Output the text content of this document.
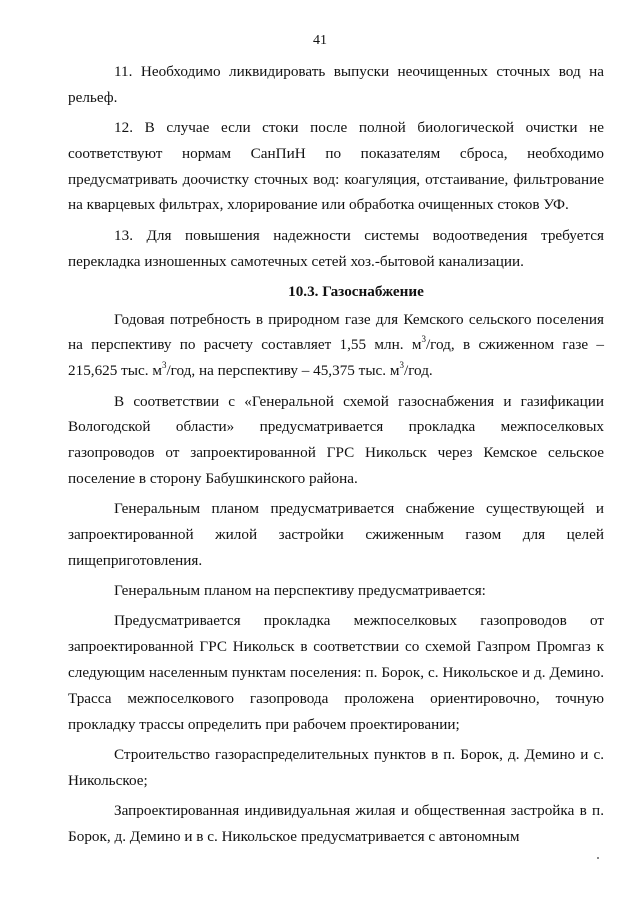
41

11. Необходимо ликвидировать выпуски неочищенных сточных вод на рельеф.

12. В случае если стоки после полной биологической очистки не соответствуют нормам СанПиН по показателям сброса, необходимо предусматривать доочистку сточных вод: коагуляция, отстаивание, фильтрование на кварцевых фильтрах, хлорирование или обработка очищенных стоков УФ.

13. Для повышения надежности системы водоотведения требуется перекладка изношенных самотечных сетей хоз.-бытовой канализации.

10.3. Газоснабжение

Годовая потребность в природном газе для Кемского сельского поселения на перспективу по расчету составляет 1,55 млн. $м^3$/год, в сжиженном газе – 215,625 тыс. $м^3$/год, на перспективу – 45,375 тыс. $м^3$/год.

В соответствии с «Генеральной схемой газоснабжения и газификации Вологодской области» предусматривается прокладка межпоселковых газопроводов от запроектированной ГРС Никольск через Кемское сельское поселение в сторону Бабушкинского района.

Генеральным планом предусматривается снабжение существующей и запроектированной жилой застройки сжиженным газом для целей пищеприготовления.

Генеральным планом на перспективу предусматривается:

Предусматривается прокладка межпоселковых газопроводов от запроектированной ГРС Никольск в соответствии со схемой Газпром Промгаз к следующим населенным пунктам поселения: п. Борок, с. Никольское и д. Демино. Трасса межпоселкового газопровода проложена ориентировочно, точную прокладку трассы определить при рабочем проектировании;

Строительство газораспределительных пунктов в п. Борок, д. Демино и с. Никольское;

Запроектированная индивидуальная жилая и общественная застройка в п. Борок, д. Демино и в с. Никольское предусматривается с автономным
